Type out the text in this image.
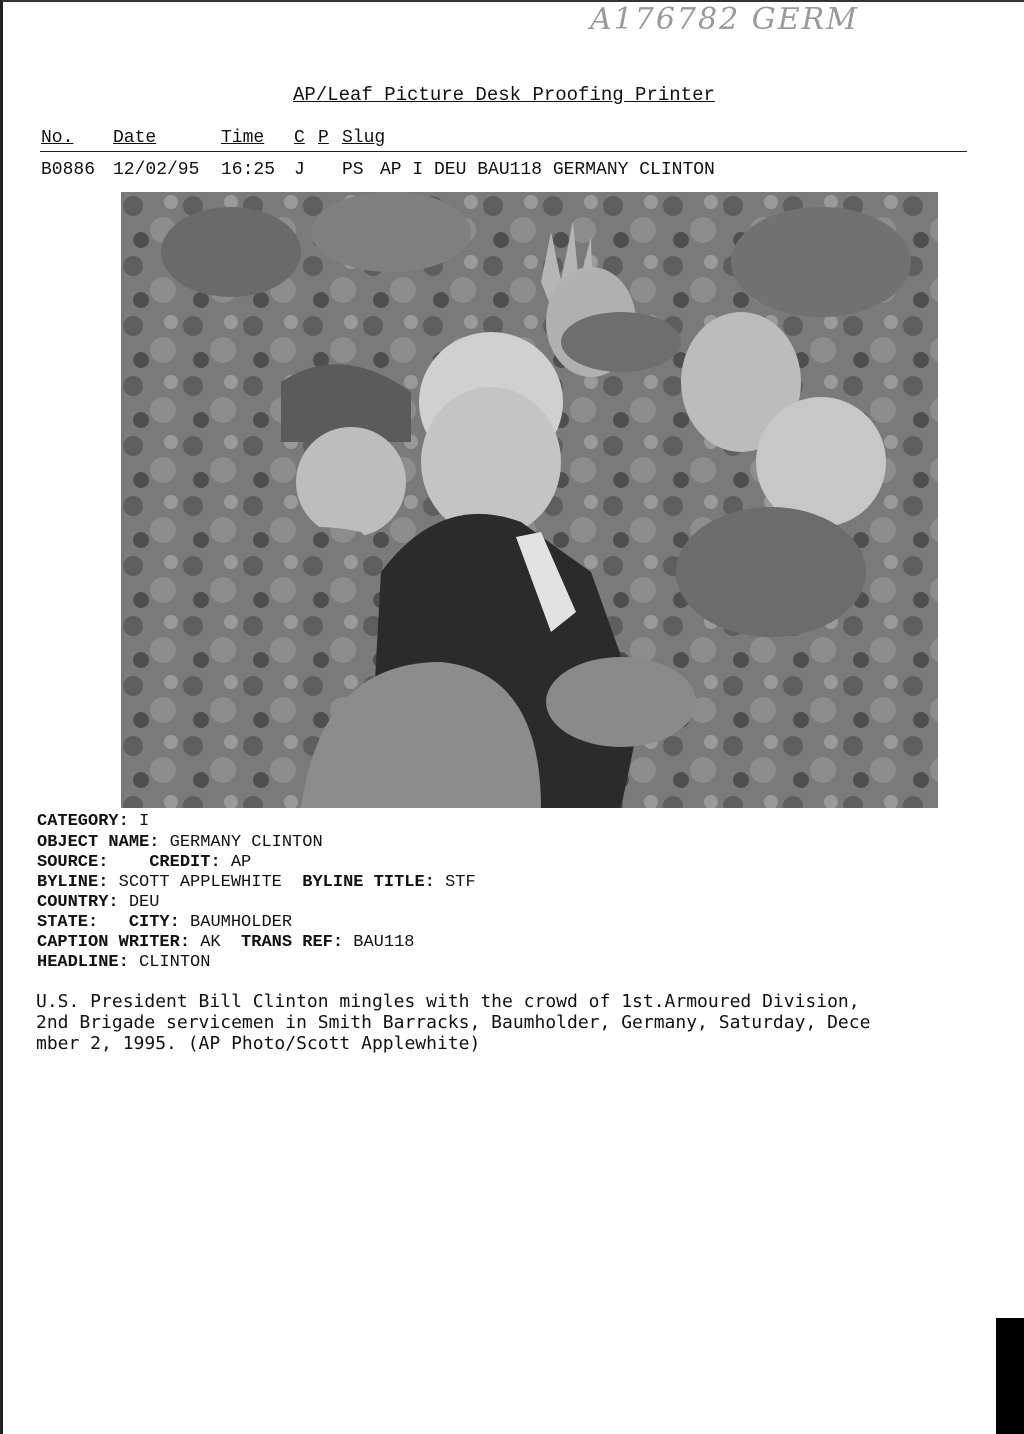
A176782 GERM
AP/Leaf Picture Desk Proofing Printer
No. Date	Time C P Slug
B0886 12/02/95 16:25 J PS AP I DEU BAU118 GERMANY CLINTON
CATEGORY: I
OBJECT NAME: GERMANY CLINTON
SOURCE: CREDIT: AP
BYLINE: SCOTT APPLEWHITE BYLINE TITLE: STF
COUNTRY: DEU
STATE: CITY: BAUMHOLDER
CAPTION WRITER: AK TRANS REF: BAU118
HEADLINE: CLINTON
U.S. President Bill Clinton mingles with the crowd of 1st.Armoured Division,
2nd Brigade servicemen in Smith Barracks, Baumholder, Germany, Saturday, Dece
mber 2, 1995. (AP Photo/Scott Applewhite)
